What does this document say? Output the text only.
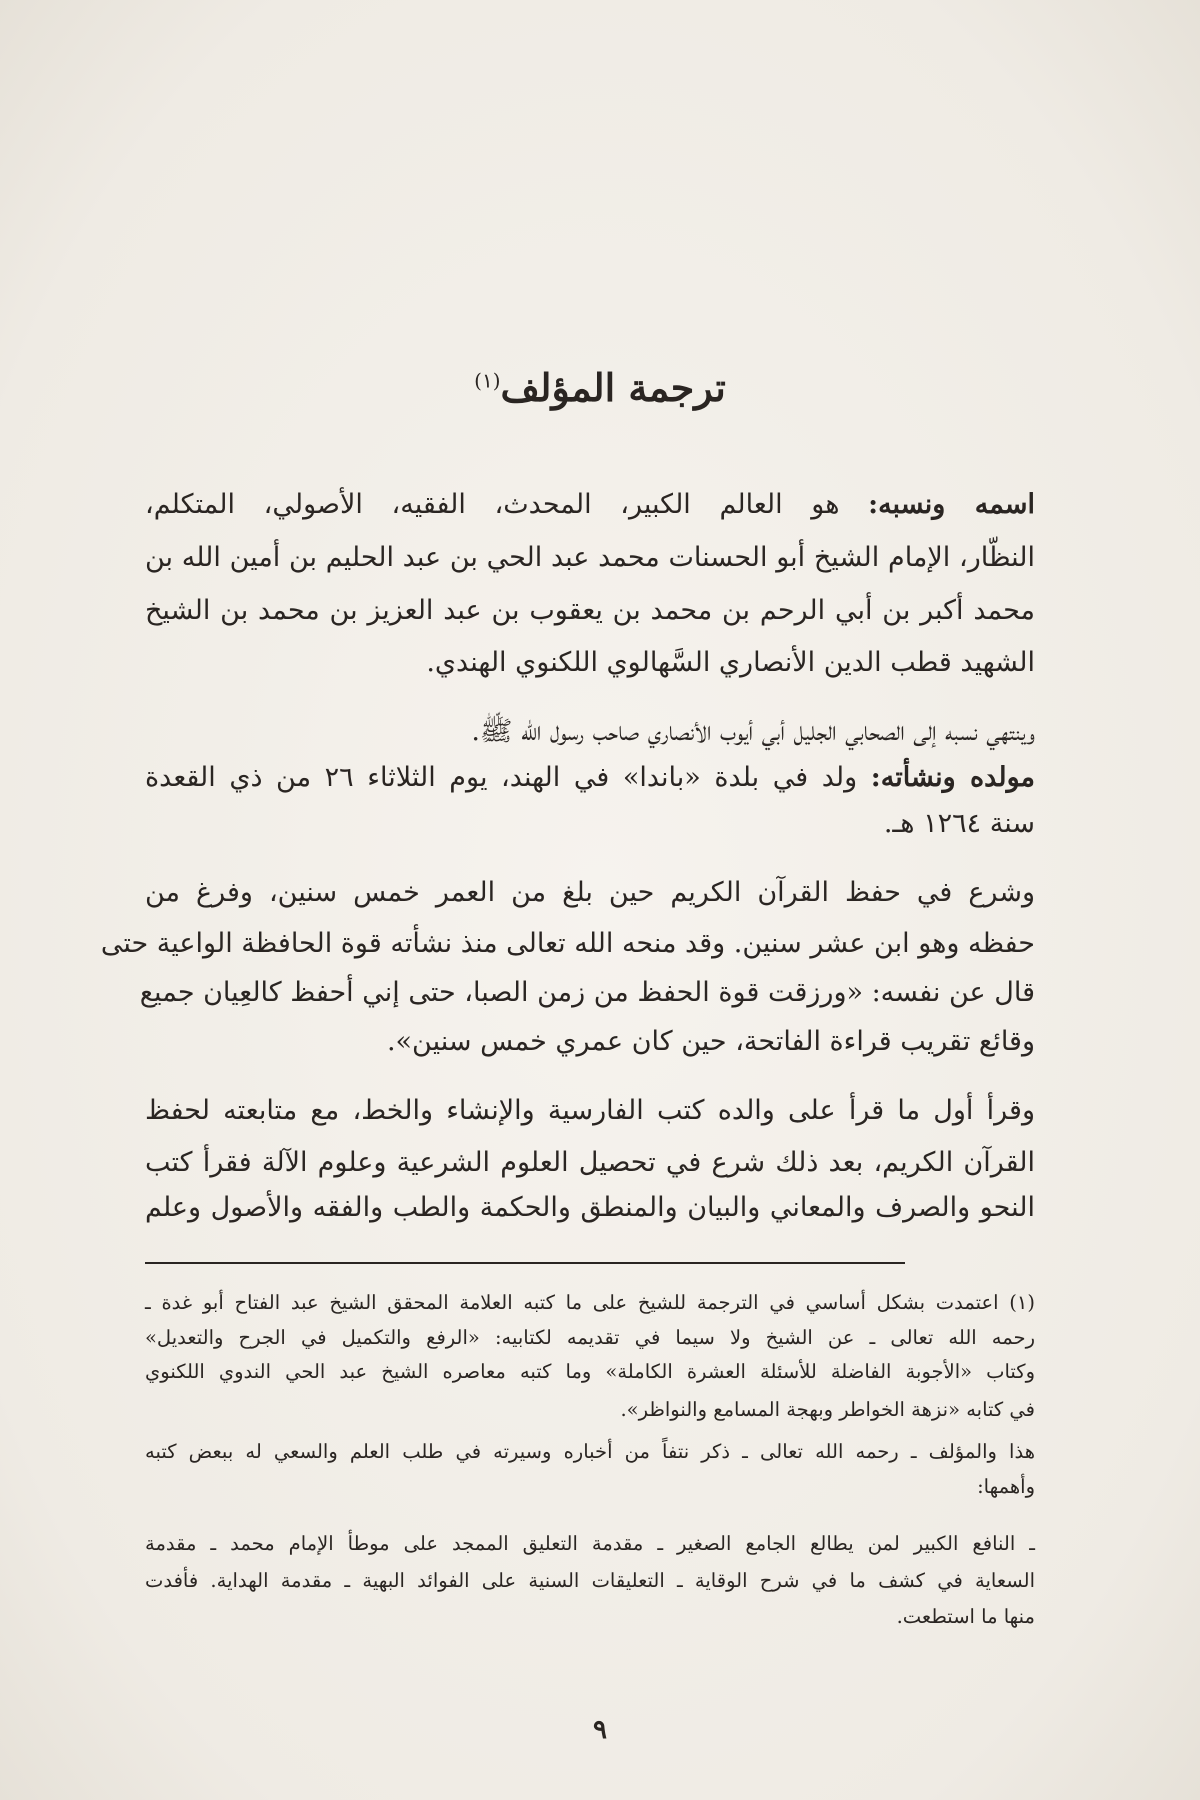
ترجمة المؤلف$^{(١)}$
اسمه ونسبه: هو العالم الكبير، المحدث، الفقيه، الأصولي، المتكلم،
النظّار، الإمام الشيخ أبو الحسنات محمد عبد الحي بن عبد الحليم بن أمين الله بن
محمد أكبر بن أبي الرحم بن محمد بن يعقوب بن عبد العزيز بن محمد بن الشيخ
الشهيد قطب الدين الأنصاري السَّهالوي اللكنوي الهندي.
وينتهي نسبه إلى الصحابي الجليل أبي أيوب الأنصاري صاحب رسول الله ﷺ.
مولده ونشأته: ولد في بلدة «باندا» في الهند، يوم الثلاثاء ٢٦ من ذي القعدة
سنة ١٢٦٤ هـ.
وشرع في حفظ القرآن الكريم حين بلغ من العمر خمس سنين، وفرغ من
حفظه وهو ابن عشر سنين. وقد منحه الله تعالى منذ نشأته قوة الحافظة الواعية حتى
قال عن نفسه: «ورزقت قوة الحفظ من زمن الصبا، حتى إني أحفظ كالعِيان جميع
وقائع تقريب قراءة الفاتحة، حين كان عمري خمس سنين».
وقرأ أول ما قرأ على والده كتب الفارسية والإنشاء والخط، مع متابعته لحفظ
القرآن الكريم، بعد ذلك شرع في تحصيل العلوم الشرعية وعلوم الآلة فقرأ كتب
النحو والصرف والمعاني والبيان والمنطق والحكمة والطب والفقه والأصول وعلم
(١) اعتمدت بشكل أساسي في الترجمة للشيخ على ما كتبه العلامة المحقق الشيخ عبد الفتاح أبو غدة ـ
رحمه الله تعالى ـ عن الشيخ ولا سيما في تقديمه لكتابيه: «الرفع والتكميل في الجرح والتعديل»
وكتاب «الأجوبة الفاضلة للأسئلة العشرة الكاملة» وما كتبه معاصره الشيخ عبد الحي الندوي اللكنوي
في كتابه «نزهة الخواطر وبهجة المسامع والنواظر».
هذا والمؤلف ـ رحمه الله تعالى ـ ذكر نتفاً من أخباره وسيرته في طلب العلم والسعي له ببعض كتبه
وأهمها:
ـ النافع الكبير لمن يطالع الجامع الصغير ـ مقدمة التعليق الممجد على موطأ الإمام محمد ـ مقدمة
السعاية في كشف ما في شرح الوقاية ـ التعليقات السنية على الفوائد البهية ـ مقدمة الهداية. فأفدت
منها ما استطعت.
٩
